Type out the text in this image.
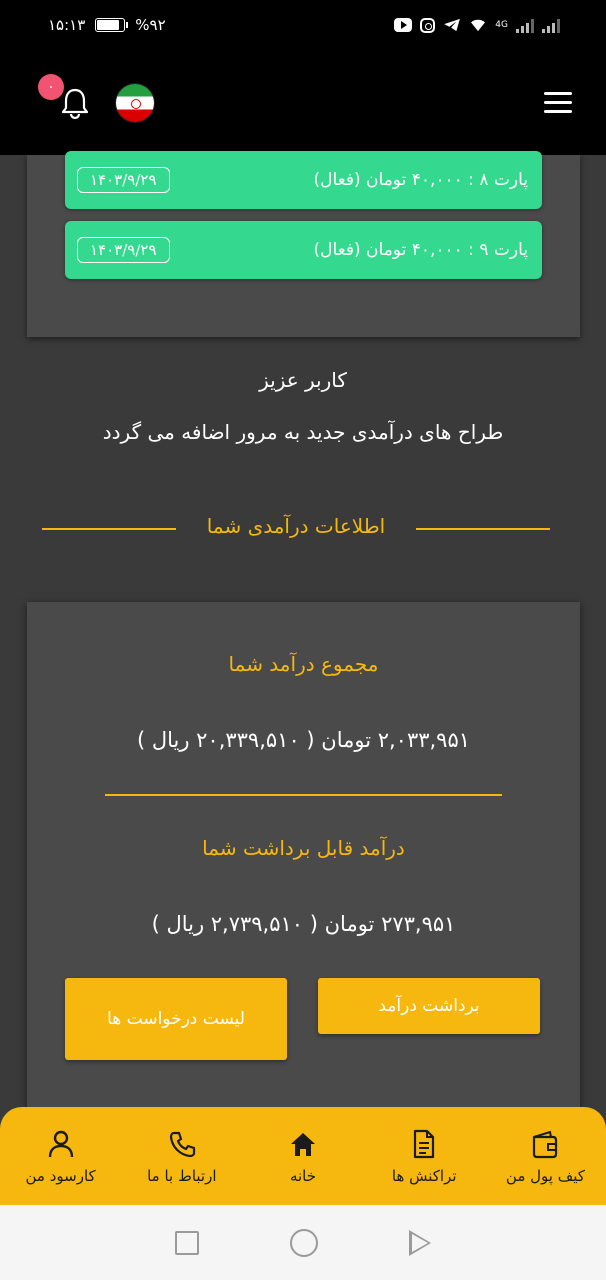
۱۵:۱۳	%۹۲	4G
۰
پارت ۸ : ۴۰,۰۰۰ تومان (فعال)
۱۴۰۳/۹/۲۹
پارت ۹ : ۴۰,۰۰۰ تومان (فعال)
۱۴۰۳/۹/۲۹
کاربر عزیز
طراح های درآمدی جدید به مرور اضافه می گردد
اطلاعات درآمدی شما
مجموع درآمد شما
۲,۰۳۳,۹۵۱ تومان ( ۲۰,۳۳۹,۵۱۰ ریال )
درآمد قابل برداشت شما
۲۷۳,۹۵۱ تومان ( ۲,۷۳۹,۵۱۰ ریال )
برداشت درآمد
لیست درخواست ها
کارسود من	ارتباط با ما	خانه	تراکنش ها	کیف پول من
